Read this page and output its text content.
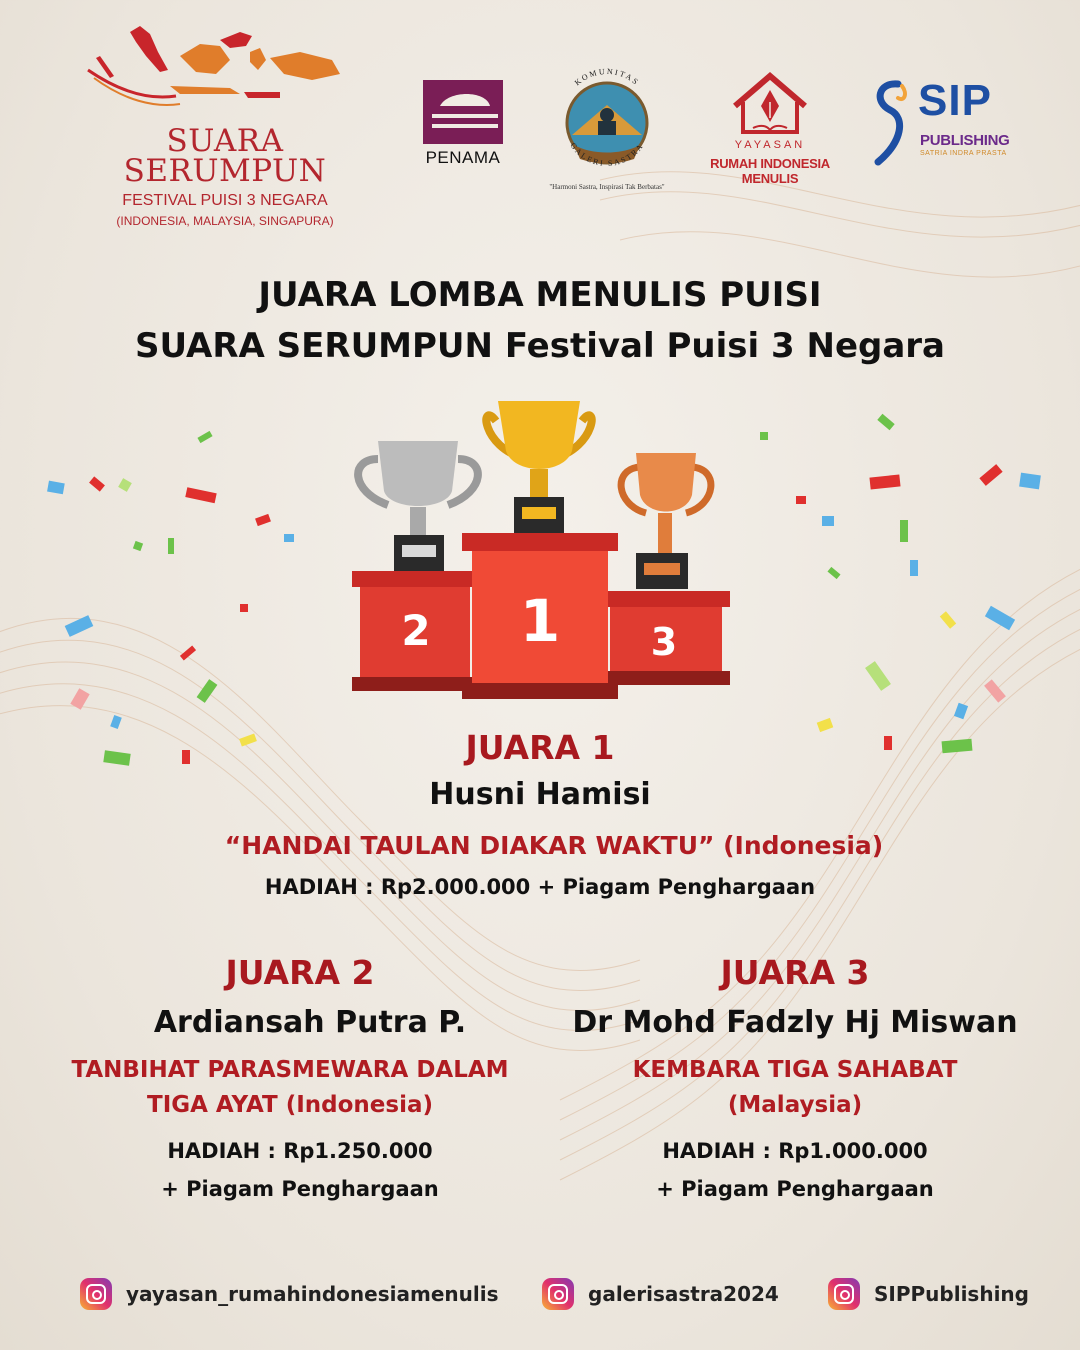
SUARA
SERUMPUN
FESTIVAL PUISI 3 NEGARA
(INDONESIA, MALAYSIA, SINGAPURA)
PENAMA
KOMUNITAS
GALERI SASTRA
"Harmoni Sastra, Inspirasi Tak Berbatas"
YAYASAN
RUMAH INDONESIA MENULIS
SIP
PUBLISHING
SATRIA INDRA PRASTA
JUARA LOMBA MENULIS PUISI
SUARA SERUMPUN Festival Puisi 3 Negara
2 1 3
JUARA 1
Husni Hamisi
“HANDAI TAULAN DIAKAR WAKTU” (Indonesia)
HADIAH : Rp2.000.000 + Piagam Penghargaan
JUARA 2
Ardiansah Putra P.
TANBIHAT PARASMEWARA DALAM
TIGA AYAT (Indonesia)
HADIAH : Rp1.250.000
+ Piagam Penghargaan
JUARA 3
Dr Mohd Fadzly Hj Miswan
KEMBARA TIGA SAHABAT
(Malaysia)
HADIAH : Rp1.000.000
+ Piagam Penghargaan
yayasan_rumahindonesiamenulis	galerisastra2024	SIPPublishing
